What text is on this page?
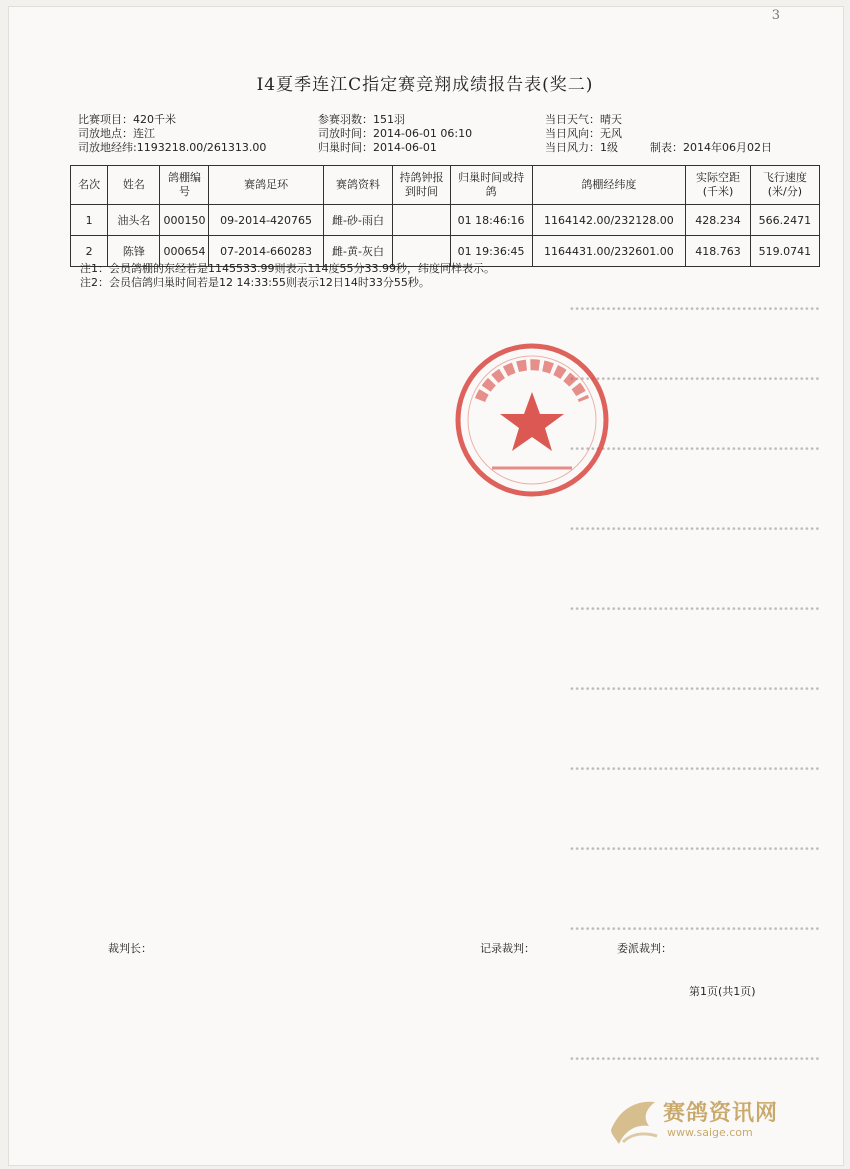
················································
················································
················································
················································
················································
················································
················································
················································
················································
················································
3
I4夏季连江C指定赛竞翔成绩报告表(奖二)
比赛项目：420千米	参赛羽数：151羽	当日天气：晴天
司放地点：连江	司放时间：2014-06-01 06:10	当日风向：无风
司放地经纬:1193218.00/261313.00	归巢时间：2014-06-01	当日风力：1级	制表：2014年06月02日
名次	姓名	鸽棚编号	赛鸽足环	赛鸽资料	持鸽钟报到时间	归巢时间或持鸽	鸽棚经纬度	实际空距(千米)	飞行速度(米/分)
1	油头名	000150	09-2014-420765	雌-砂-雨白		01 18:46:16	1164142.00/232128.00	428.234	566.2471
2	陈锋	000654	07-2014-660283	雌-黄-灰白		01 19:36:45	1164431.00/232601.00	418.763	519.0741
注1：会员鸽棚的东经若是1145533.99则表示114度55分33.99秒，纬度同样表示。
注2：会员信鸽归巢时间若是12 14:33:55则表示12日14时33分55秒。
裁判长：	记录裁判：	委派裁判：
第1页(共1页)
赛鸽资讯网
www.saige.com
